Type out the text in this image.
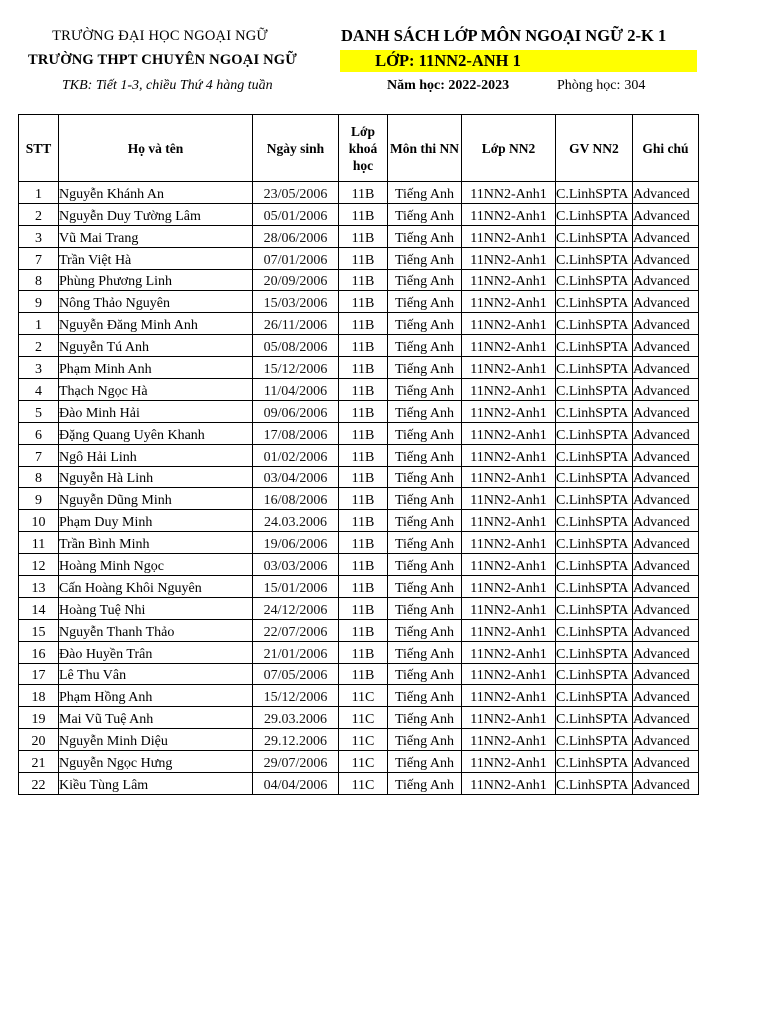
TRƯỜNG ĐẠI HỌC NGOẠI NGỮ
TRƯỜNG THPT CHUYÊN NGOẠI NGỮ
TKB: Tiết 1-3, chiều Thứ 4 hàng tuần
DANH SÁCH LỚP MÔN NGOẠI NGỮ 2-K 1
LỚP: 11NN2-ANH 1
Năm học: 2022-2023	Phòng học: 304
STT	Họ và tên	Ngày sinh	Lớp khoá học	Môn thi NN	Lớp NN2	GV NN2	Ghi chú
1	Nguyễn Khánh An	23/05/2006	11B	Tiếng Anh	11NN2-Anh1	C.LinhSPTA	Advanced
2	Nguyễn Duy Tường Lâm	05/01/2006	11B	Tiếng Anh	11NN2-Anh1	C.LinhSPTA	Advanced
3	Vũ Mai Trang	28/06/2006	11B	Tiếng Anh	11NN2-Anh1	C.LinhSPTA	Advanced
7	Trần Việt Hà	07/01/2006	11B	Tiếng Anh	11NN2-Anh1	C.LinhSPTA	Advanced
8	Phùng Phương Linh	20/09/2006	11B	Tiếng Anh	11NN2-Anh1	C.LinhSPTA	Advanced
9	Nông Thảo Nguyên	15/03/2006	11B	Tiếng Anh	11NN2-Anh1	C.LinhSPTA	Advanced
1	Nguyễn Đăng Minh Anh	26/11/2006	11B	Tiếng Anh	11NN2-Anh1	C.LinhSPTA	Advanced
2	Nguyễn Tú Anh	05/08/2006	11B	Tiếng Anh	11NN2-Anh1	C.LinhSPTA	Advanced
3	Phạm Minh Anh	15/12/2006	11B	Tiếng Anh	11NN2-Anh1	C.LinhSPTA	Advanced
4	Thạch Ngọc Hà	11/04/2006	11B	Tiếng Anh	11NN2-Anh1	C.LinhSPTA	Advanced
5	Đào Minh Hải	09/06/2006	11B	Tiếng Anh	11NN2-Anh1	C.LinhSPTA	Advanced
6	Đặng Quang Uyên Khanh	17/08/2006	11B	Tiếng Anh	11NN2-Anh1	C.LinhSPTA	Advanced
7	Ngô Hải Linh	01/02/2006	11B	Tiếng Anh	11NN2-Anh1	C.LinhSPTA	Advanced
8	Nguyễn Hà Linh	03/04/2006	11B	Tiếng Anh	11NN2-Anh1	C.LinhSPTA	Advanced
9	Nguyễn Dũng Minh	16/08/2006	11B	Tiếng Anh	11NN2-Anh1	C.LinhSPTA	Advanced
10	Phạm Duy Minh	24.03.2006	11B	Tiếng Anh	11NN2-Anh1	C.LinhSPTA	Advanced
11	Trần Bình Minh	19/06/2006	11B	Tiếng Anh	11NN2-Anh1	C.LinhSPTA	Advanced
12	Hoàng Minh Ngọc	03/03/2006	11B	Tiếng Anh	11NN2-Anh1	C.LinhSPTA	Advanced
13	Cấn Hoàng Khôi Nguyên	15/01/2006	11B	Tiếng Anh	11NN2-Anh1	C.LinhSPTA	Advanced
14	Hoàng Tuệ Nhi	24/12/2006	11B	Tiếng Anh	11NN2-Anh1	C.LinhSPTA	Advanced
15	Nguyễn Thanh Thảo	22/07/2006	11B	Tiếng Anh	11NN2-Anh1	C.LinhSPTA	Advanced
16	Đào Huyền Trân	21/01/2006	11B	Tiếng Anh	11NN2-Anh1	C.LinhSPTA	Advanced
17	Lê Thu Vân	07/05/2006	11B	Tiếng Anh	11NN2-Anh1	C.LinhSPTA	Advanced
18	Phạm Hồng Anh	15/12/2006	11C	Tiếng Anh	11NN2-Anh1	C.LinhSPTA	Advanced
19	Mai Vũ Tuệ Anh	29.03.2006	11C	Tiếng Anh	11NN2-Anh1	C.LinhSPTA	Advanced
20	Nguyễn Minh Diệu	29.12.2006	11C	Tiếng Anh	11NN2-Anh1	C.LinhSPTA	Advanced
21	Nguyễn Ngọc Hưng	29/07/2006	11C	Tiếng Anh	11NN2-Anh1	C.LinhSPTA	Advanced
22	Kiều Tùng Lâm	04/04/2006	11C	Tiếng Anh	11NN2-Anh1	C.LinhSPTA	Advanced
